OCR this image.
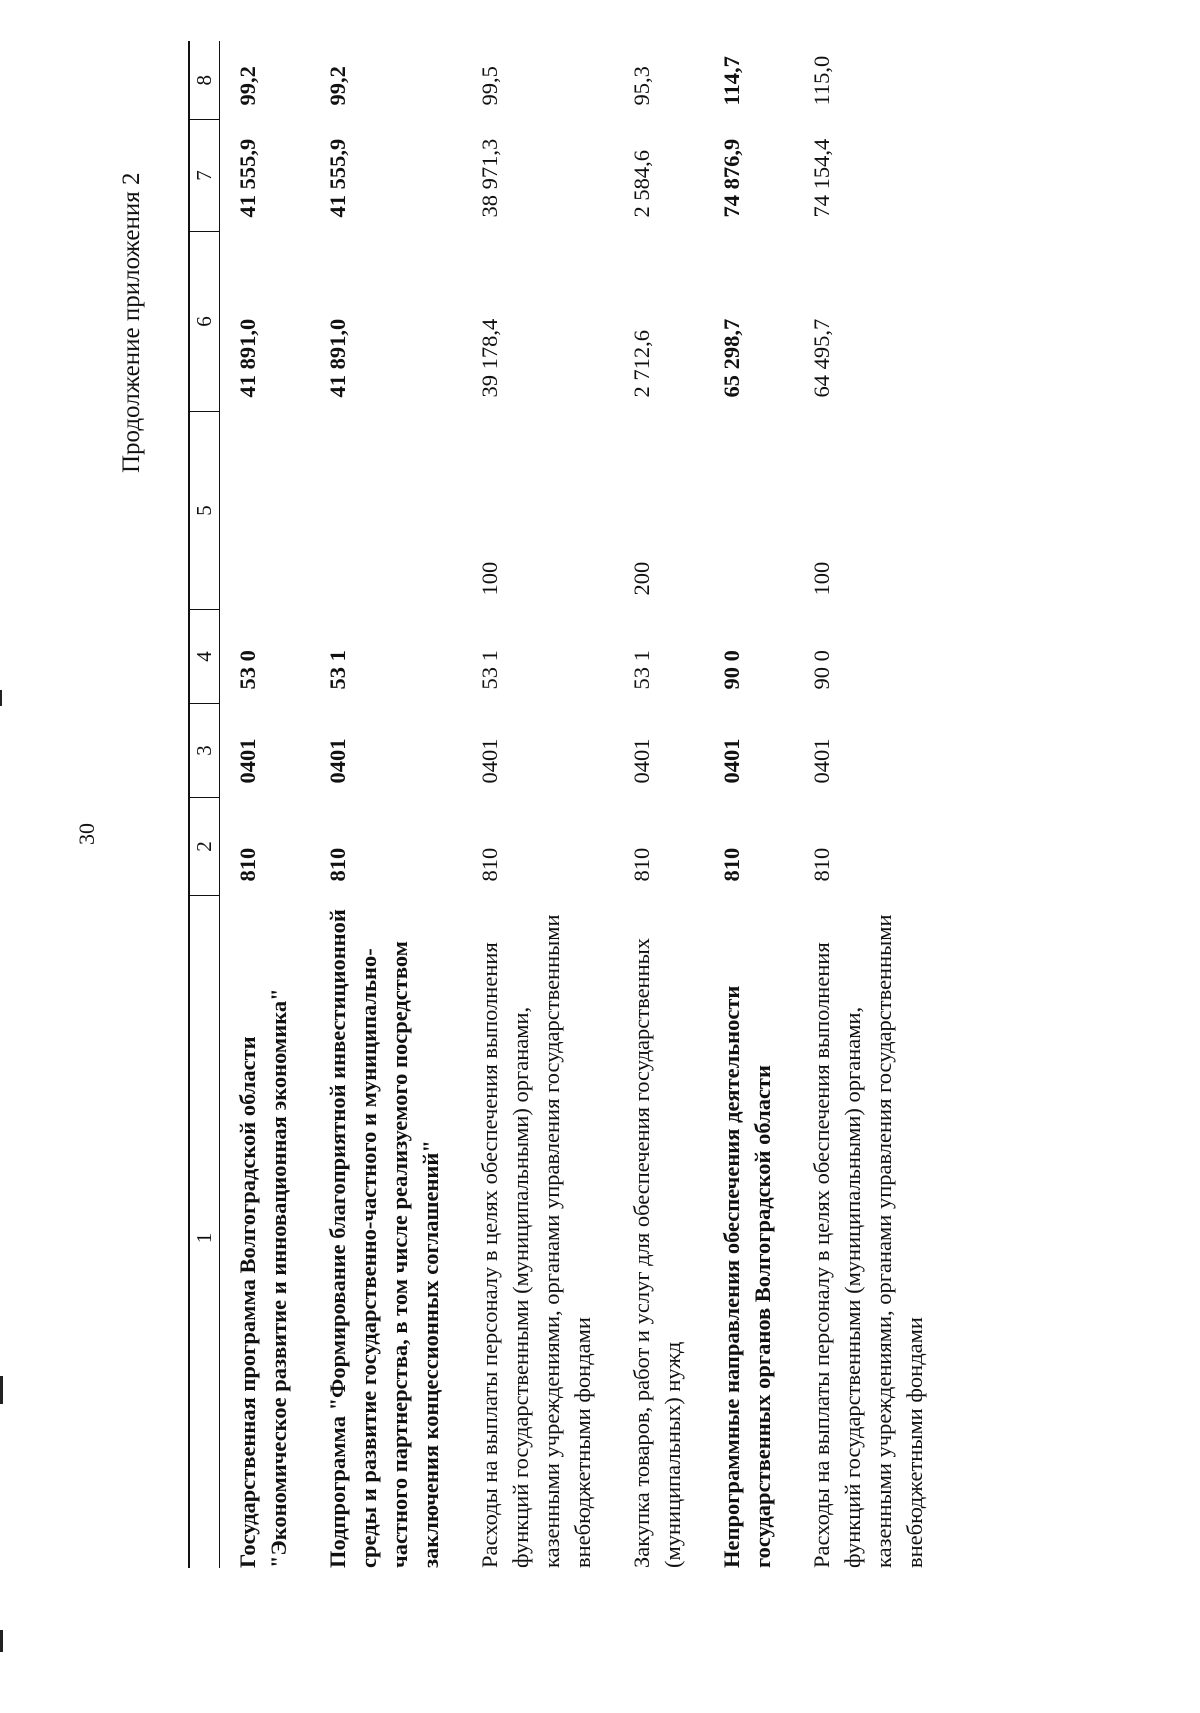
30
Продолжение приложения 2
1	2	3	4	5	6	7	8
Государственная программа Волгоградской области "Экономическое развитие и инновационная экономика"	810	0401	53 0		41 891,0	41 555,9	99,2
Подпрограмма "Формирование благоприятной инвестиционной среды и развитие государственно-частного и муниципально-частного партнерства, в том числе реализуемого посредством заключения концессионных соглашений"	810	0401	53 1		41 891,0	41 555,9	99,2
Расходы на выплаты персоналу в целях обеспечения выполнения функций государственными (муниципальными) органами, казенными учреждениями, органами управления государственными внебюджетными фондами	810	0401	53 1	100	39 178,4	38 971,3	99,5
Закупка товаров, работ и услуг для обеспечения государственных (муниципальных) нужд	810	0401	53 1	200	2 712,6	2 584,6	95,3
Непрограммные направления обеспечения деятельности государственных органов Волгоградской области	810	0401	90 0		65 298,7	74 876,9	114,7
Расходы на выплаты персоналу в целях обеспечения выполнения функций государственными (муниципальными) органами, казенными учреждениями, органами управления государственными внебюджетными фондами	810	0401	90 0	100	64 495,7	74 154,4	115,0
